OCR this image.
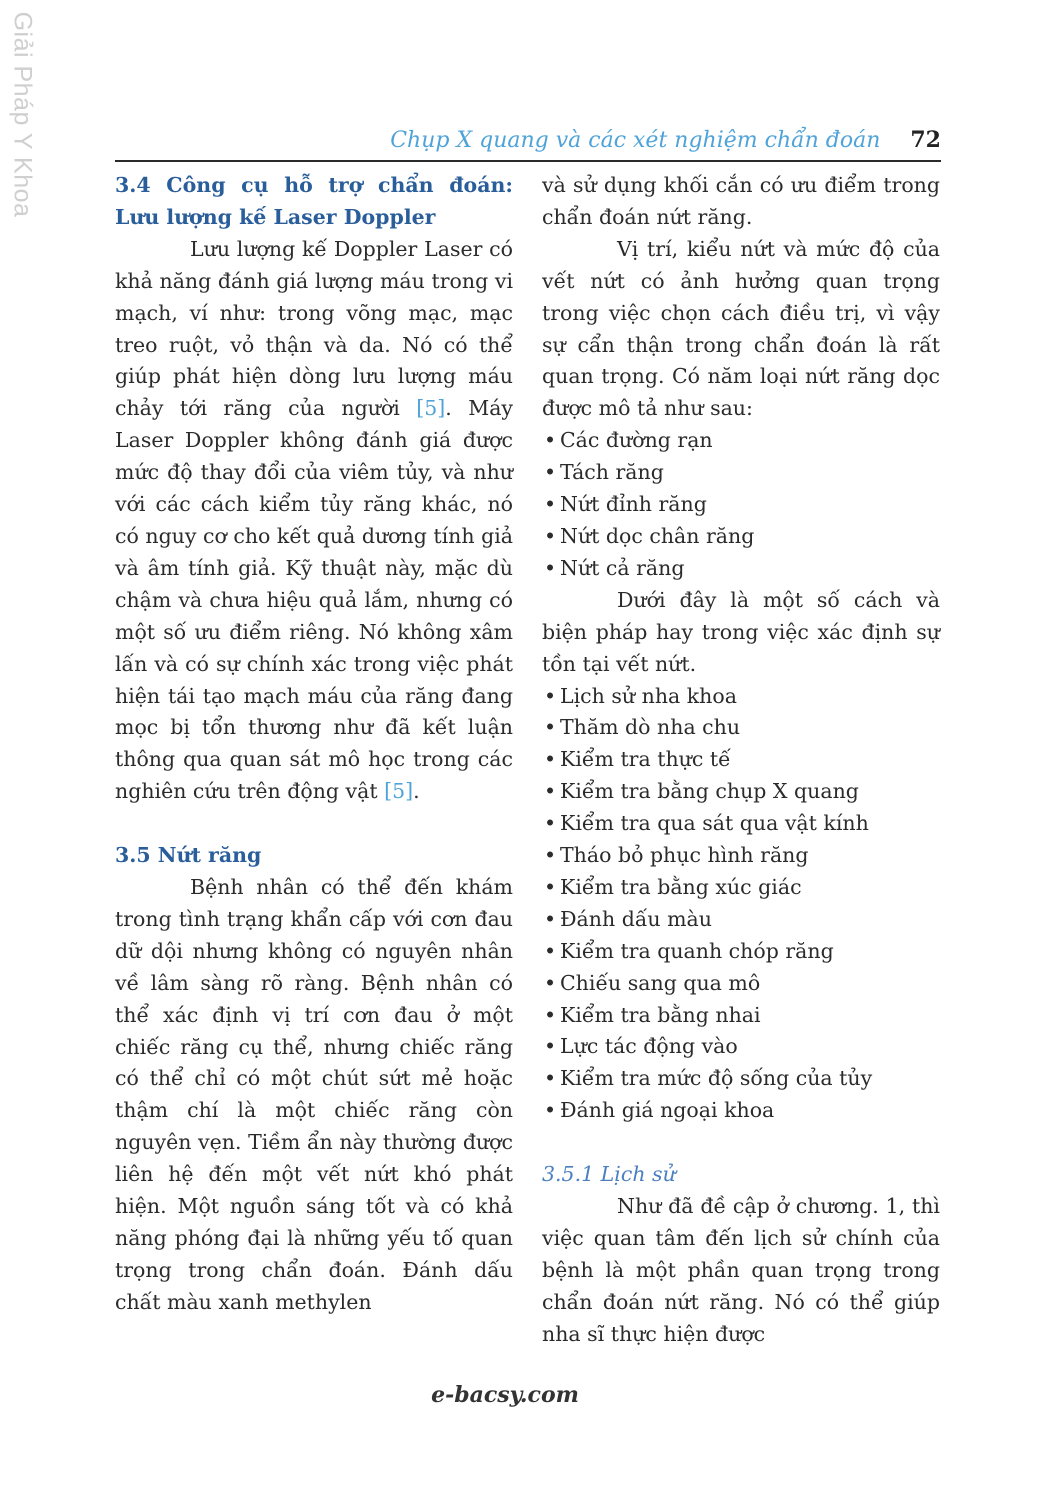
Giải Pháp Y Khoa	Chụp X quang và các xét nghiệm chẩn đoán 72

3.4 Công cụ hỗ trợ chẩn đoán: Lưu lượng kế Laser Doppler

Lưu lượng kế Doppler Laser có khả năng đánh giá lượng máu trong vi mạch, ví như: trong võng mạc, mạc treo ruột, vỏ thận và da. Nó có thể giúp phát hiện dòng lưu lượng máu chảy tới răng của người [5]. Máy Laser Doppler không đánh giá được mức độ thay đổi của viêm tủy, và như với các cách kiểm tủy răng khác, nó có nguy cơ cho kết quả dương tính giả và âm tính giả. Kỹ thuật này, mặc dù chậm và chưa hiệu quả lắm, nhưng có một số ưu điểm riêng. Nó không xâm lấn và có sự chính xác trong việc phát hiện tái tạo mạch máu của răng đang mọc bị tổn thương như đã kết luận thông qua quan sát mô học trong các nghiên cứu trên động vật [5].

3.5 Nứt răng

Bệnh nhân có thể đến khám trong tình trạng khẩn cấp với cơn đau dữ dội nhưng không có nguyên nhân về lâm sàng rõ ràng. Bệnh nhân có thể xác định vị trí cơn đau ở một chiếc răng cụ thể, nhưng chiếc răng có thể chỉ có một chút sứt mẻ hoặc thậm chí là một chiếc răng còn nguyên vẹn. Tiềm ẩn này thường được liên hệ đến một vết nứt khó phát hiện. Một nguồn sáng tốt và có khả năng phóng đại là những yếu tố quan trọng trong chẩn đoán. Đánh dấu chất màu xanh methylen

và sử dụng khối cắn có ưu điểm trong chẩn đoán nứt răng.

Vị trí, kiểu nứt và mức độ của vết nứt có ảnh hưởng quan trọng trong việc chọn cách điều trị, vì vậy sự cẩn thận trong chẩn đoán là rất quan trọng. Có năm loại nứt răng dọc được mô tả như sau:

• Các đường rạn
• Tách răng
• Nứt đỉnh răng
• Nứt dọc chân răng
• Nứt cả răng

Dưới đây là một số cách và biện pháp hay trong việc xác định sự tồn tại vết nứt.

• Lịch sử nha khoa
• Thăm dò nha chu
• Kiểm tra thực tế
• Kiểm tra bằng chụp X quang
• Kiểm tra qua sát qua vật kính
• Tháo bỏ phục hình răng
• Kiểm tra bằng xúc giác
• Đánh dấu màu
• Kiểm tra quanh chóp răng
• Chiếu sang qua mô
• Kiểm tra bằng nhai
• Lực tác động vào
• Kiểm tra mức độ sống của tủy
• Đánh giá ngoại khoa

3.5.1 Lịch sử

Như đã đề cập ở chương. 1, thì việc quan tâm đến lịch sử chính của bệnh là một phần quan trọng trong chẩn đoán nứt răng. Nó có thể giúp nha sĩ thực hiện được

e-bacsy.com
